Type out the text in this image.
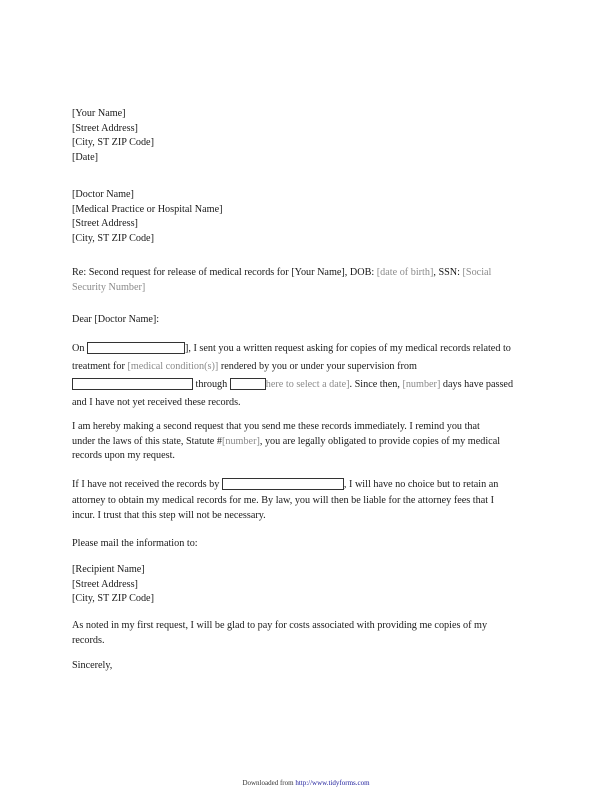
[Your Name]
[Street Address]
[City, ST ZIP Code]
[Date]
[Doctor Name]
[Medical Practice or Hospital Name]
[Street Address]
[City, ST ZIP Code]
Re: Second request for release of medical records for [Your Name], DOB: [date of birth], SSN: [Social
Security Number]
Dear [Doctor Name]:
On	], I sent you a written request asking for copies of my medical records related to
treatment for [medical condition(s)] rendered by you or under your supervision from
through	here to select a date]. Since then, [number] days have passed
and I have not yet received these records.
I am hereby making a second request that you send me these records immediately. I remind you that
under the laws of this state, Statute #[number], you are legally obligated to provide copies of my medical
records upon my request.
If I have not received the records by	, I will have no choice but to retain an
attorney to obtain my medical records for me. By law, you will then be liable for the attorney fees that I
incur. I trust that this step will not be necessary.
Please mail the information to:
[Recipient Name]
[Street Address]
[City, ST ZIP Code]
As noted in my first request, I will be glad to pay for costs associated with providing me copies of my
records.
Sincerely,
Downloaded from http://www.tidyforms.com
